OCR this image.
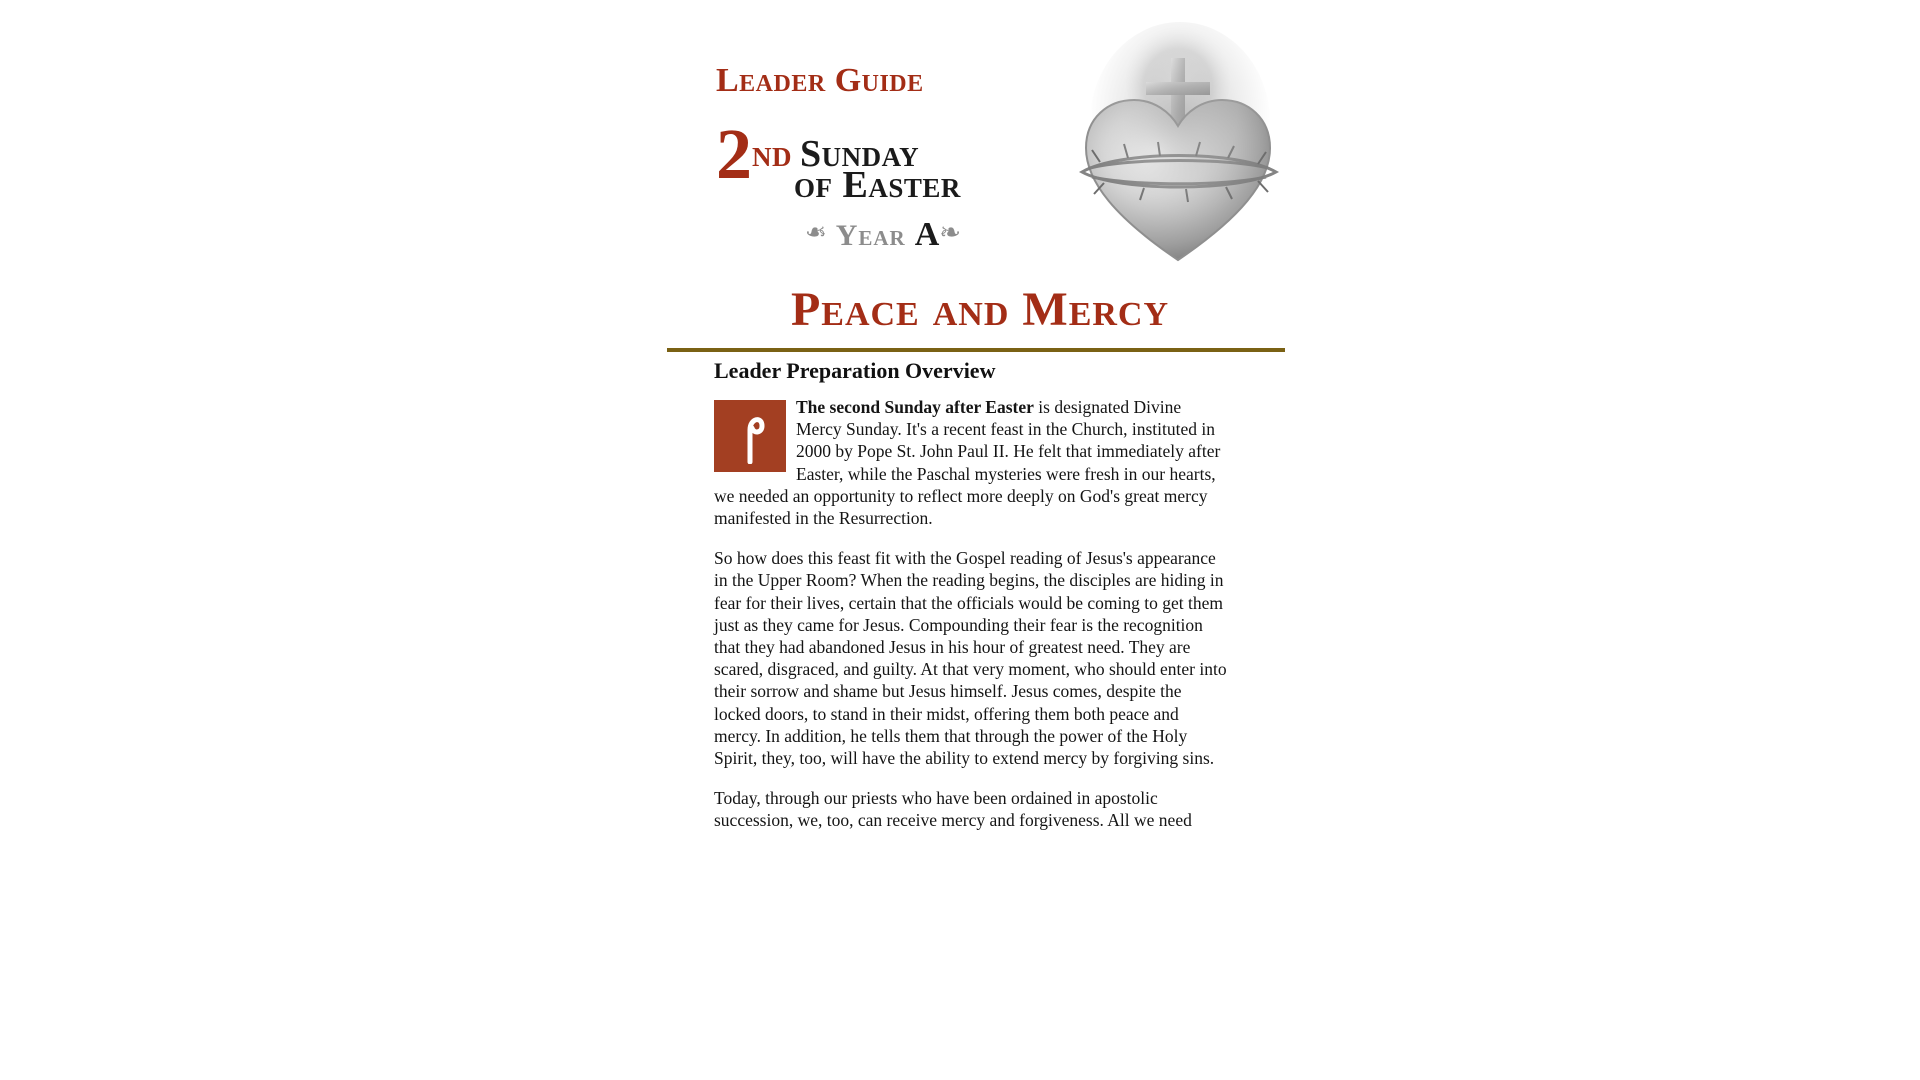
Leader Guide
2nd Sunday
of Easter
❧ Year A❧
Peace and Mercy
Leader Preparation Overview

The second Sunday after Easter is designated Divine Mercy Sunday. It's a recent feast in the Church, instituted in 2000 by Pope St. John Paul II. He felt that immediately after Easter, while the Paschal mysteries were fresh in our hearts, we needed an opportunity to reflect more deeply on God's great mercy manifested in the Resurrection.

So how does this feast fit with the Gospel reading of Jesus's appearance in the Upper Room? When the reading begins, the disciples are hiding in fear for their lives, certain that the officials would be coming to get them just as they came for Jesus. Compounding their fear is the recognition that they had abandoned Jesus in his hour of greatest need. They are scared, disgraced, and guilty. At that very moment, who should enter into their sorrow and shame but Jesus himself. Jesus comes, despite the locked doors, to stand in their midst, offering them both peace and mercy. In addition, he tells them that through the power of the Holy Spirit, they, too, will have the ability to extend mercy by forgiving sins.

Today, through our priests who have been ordained in apostolic succession, we, too, can receive mercy and forgiveness. All we need
